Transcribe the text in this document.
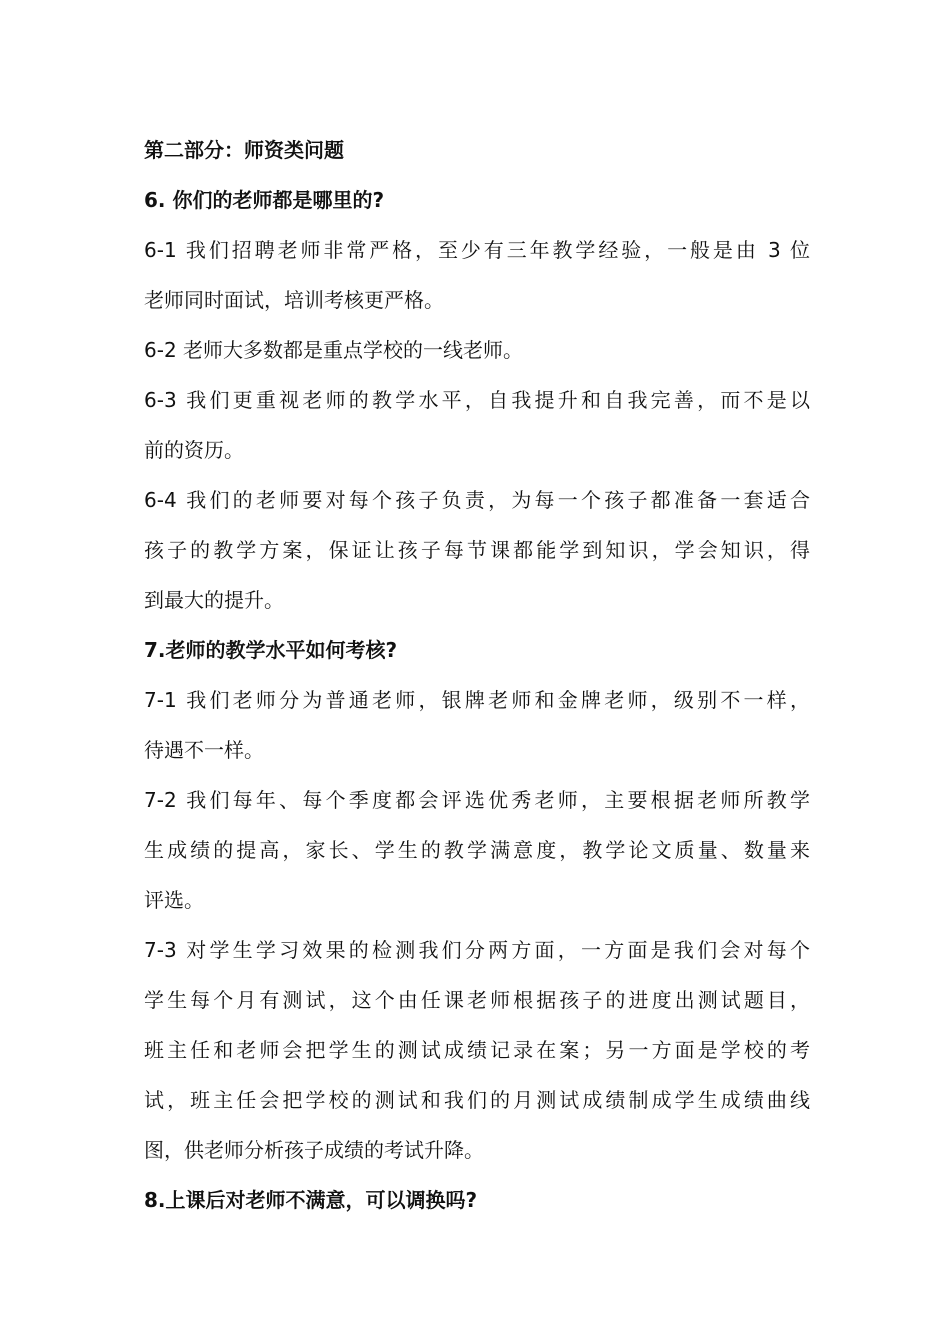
第二部分：师资类问题
6. 你们的老师都是哪里的?
6-1 我们招聘老师非常严格，至少有三年教学经验，一般是由 3 位
老师同时面试，培训考核更严格。
6-2 老师大多数都是重点学校的一线老师。
6-3 我们更重视老师的教学水平，自我提升和自我完善，而不是以
前的资历。
6-4 我们的老师要对每个孩子负责，为每一个孩子都准备一套适合
孩子的教学方案，保证让孩子每节课都能学到知识，学会知识，得
到最大的提升。
7.老师的教学水平如何考核?
7-1 我们老师分为普通老师，银牌老师和金牌老师，级别不一样，
待遇不一样。
7-2 我们每年、每个季度都会评选优秀老师，主要根据老师所教学
生成绩的提高，家长、学生的教学满意度，教学论文质量、数量来
评选。
7-3 对学生学习效果的检测我们分两方面，一方面是我们会对每个
学生每个月有测试，这个由任课老师根据孩子的进度出测试题目，
班主任和老师会把学生的测试成绩记录在案；另一方面是学校的考
试，班主任会把学校的测试和我们的月测试成绩制成学生成绩曲线
图，供老师分析孩子成绩的考试升降。
8.上课后对老师不满意，可以调换吗?
